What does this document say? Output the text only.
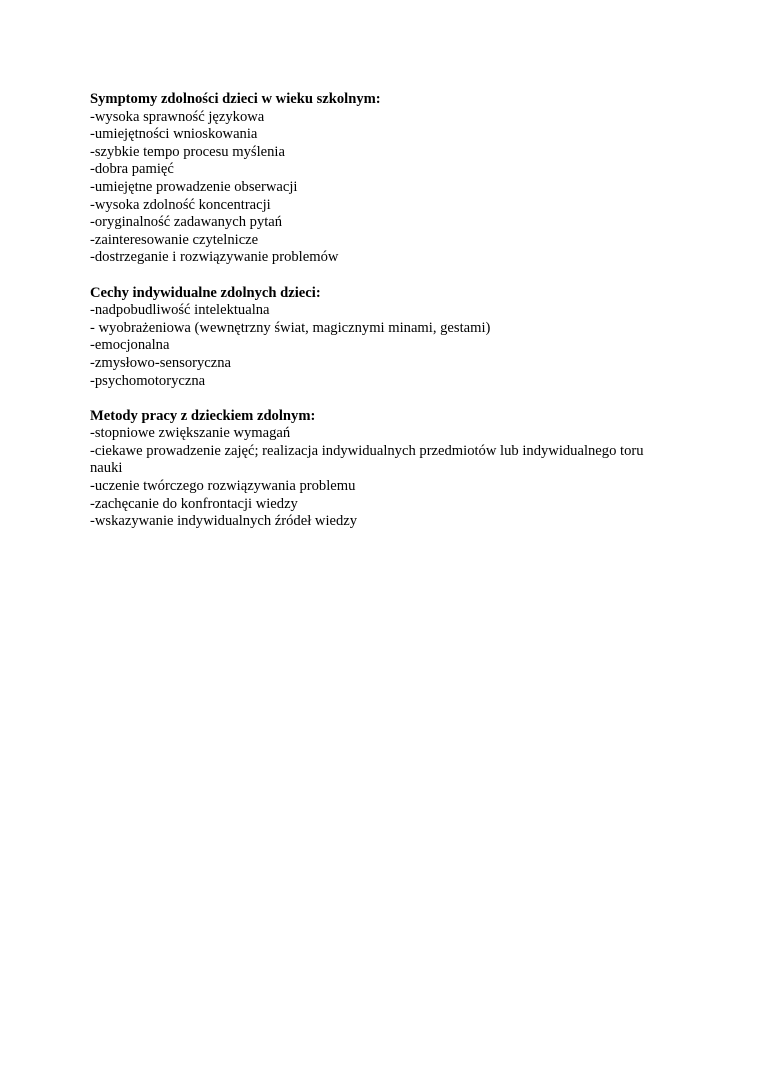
Symptomy zdolności dzieci w wieku szkolnym:

-wysoka sprawność językowa
-umiejętności wnioskowania
-szybkie tempo procesu myślenia
-dobra pamięć
-umiejętne prowadzenie obserwacji
-wysoka zdolność koncentracji
-oryginalność zadawanych pytań
-zainteresowanie czytelnicze
-dostrzeganie i rozwiązywanie problemów

Cechy indywidualne zdolnych dzieci:

-nadpobudliwość intelektualna
- wyobrażeniowa (wewnętrzny świat, magicznymi minami, gestami)
-emocjonalna
-zmysłowo-sensoryczna
-psychomotoryczna

Metody pracy z dzieckiem zdolnym:

-stopniowe zwiększanie wymagań
-ciekawe prowadzenie zajęć; realizacja indywidualnych przedmiotów lub indywidualnego toru nauki
-uczenie twórczego rozwiązywania problemu
-zachęcanie do konfrontacji wiedzy
-wskazywanie indywidualnych źródeł wiedzy
